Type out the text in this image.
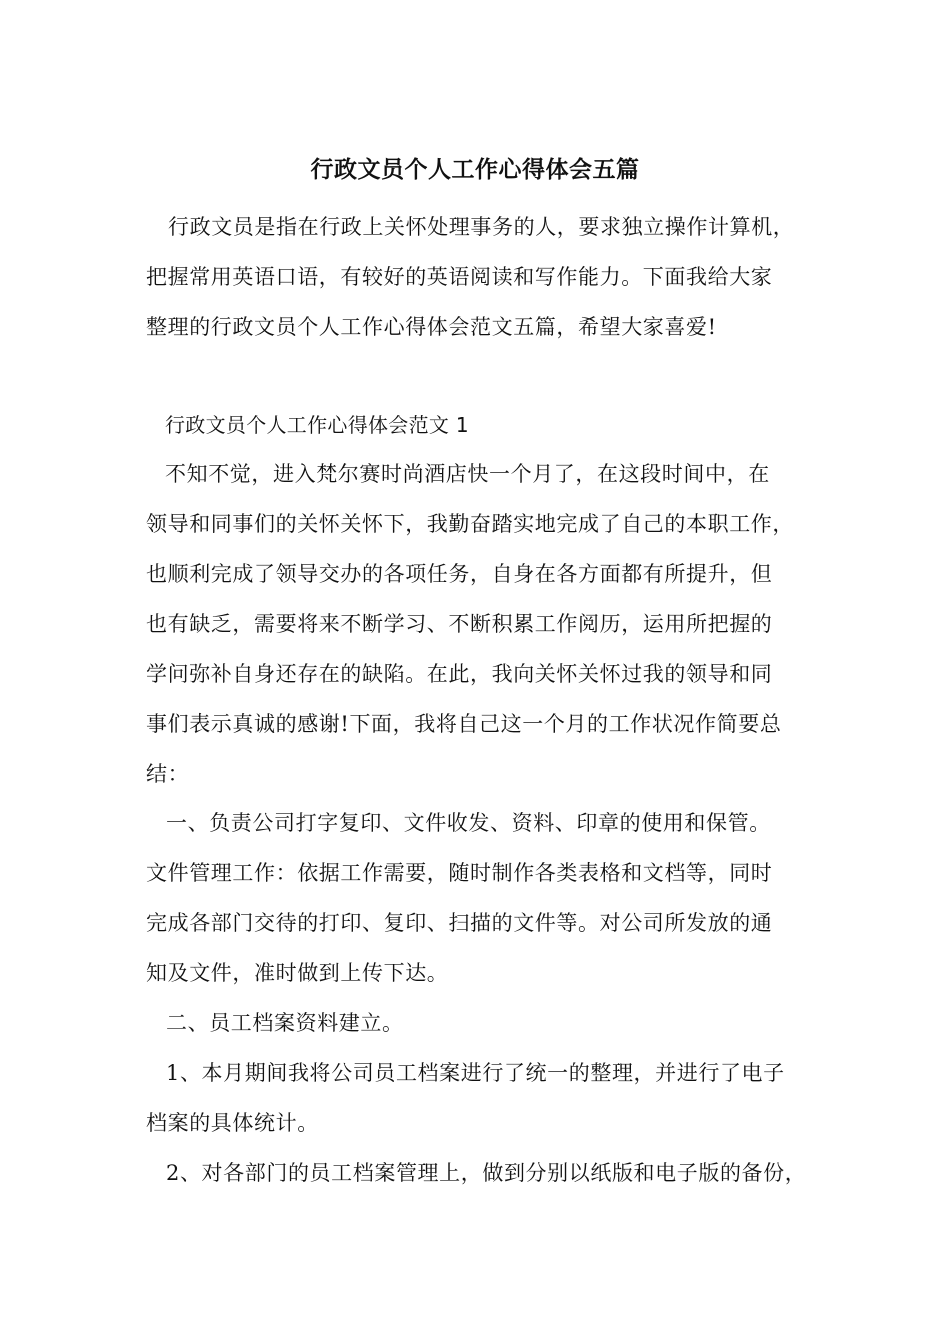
行政文员个人工作心得体会五篇
行政文员是指在行政上关怀处理事务的人，要求独立操作计算机，
把握常用英语口语，有较好的英语阅读和写作能力。下面我给大家
整理的行政文员个人工作心得体会范文五篇，希望大家喜爱!
行政文员个人工作心得体会范文 1
不知不觉，进入梵尔赛时尚酒店快一个月了，在这段时间中，在
领导和同事们的关怀关怀下，我勤奋踏实地完成了自己的本职工作，
也顺利完成了领导交办的各项任务，自身在各方面都有所提升，但
也有缺乏，需要将来不断学习、不断积累工作阅历，运用所把握的
学问弥补自身还存在的缺陷。在此，我向关怀关怀过我的领导和同
事们表示真诚的感谢!下面，我将自己这一个月的工作状况作简要总
结：
一、负责公司打字复印、文件收发、资料、印章的使用和保管。
文件管理工作：依据工作需要，随时制作各类表格和文档等，同时
完成各部门交待的打印、复印、扫描的文件等。对公司所发放的通
知及文件，准时做到上传下达。
二、员工档案资料建立。
1、本月期间我将公司员工档案进行了统一的整理，并进行了电子
档案的具体统计。
2、对各部门的员工档案管理上，做到分别以纸版和电子版的备份，
